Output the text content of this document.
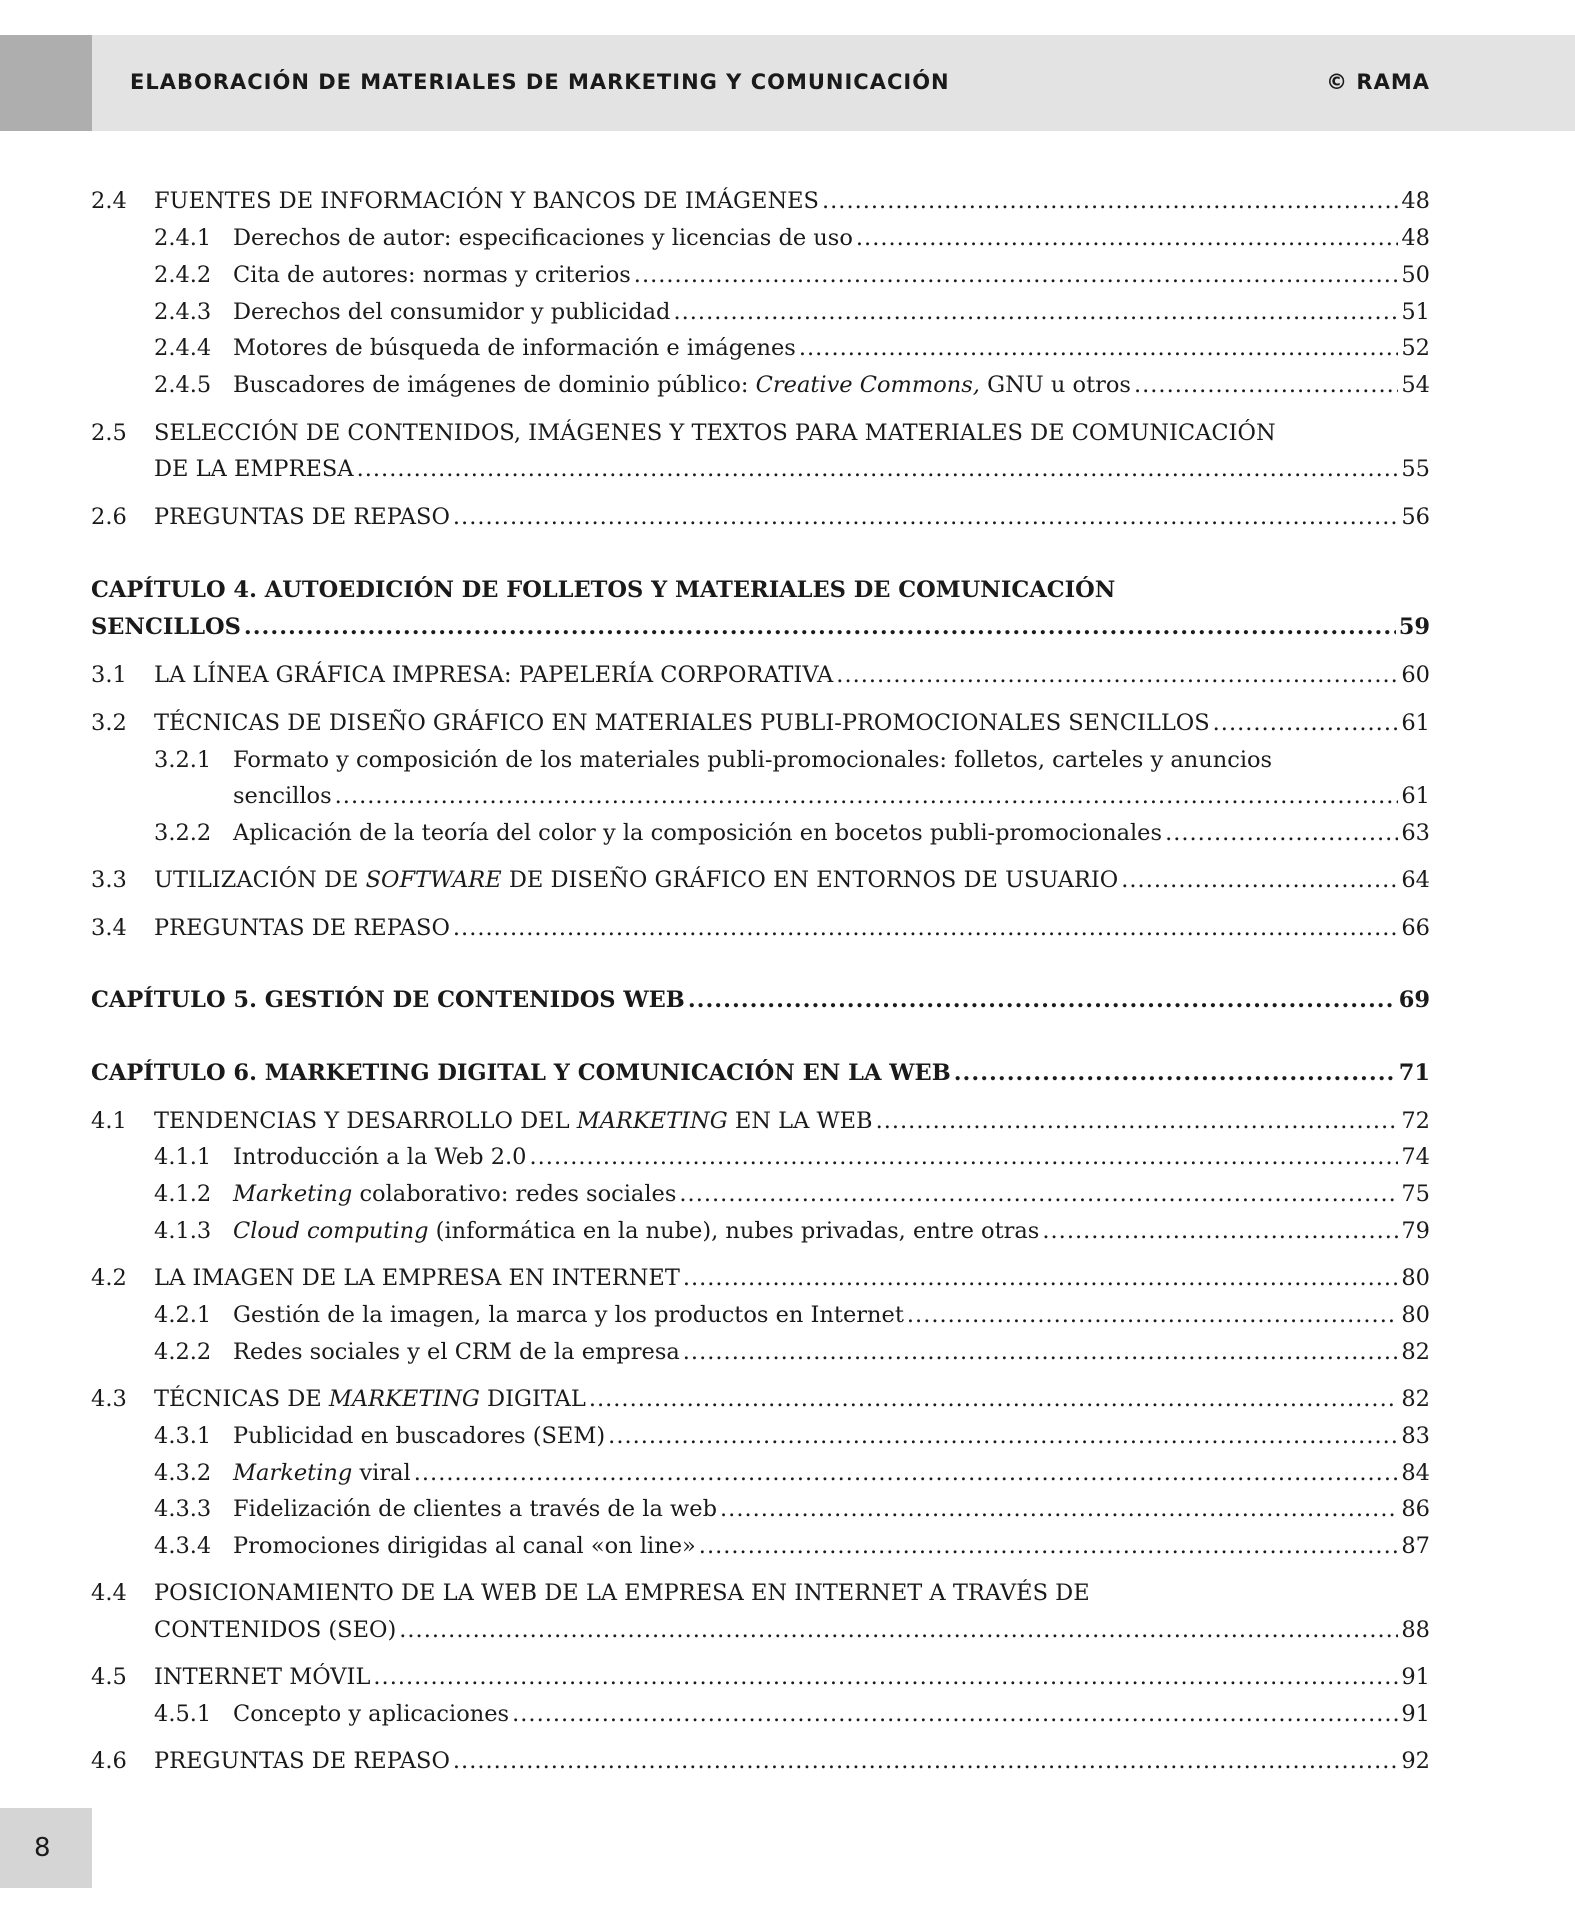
ELABORACIÓN DE MATERIALES DE MARKETING Y COMUNICACIÓN	© RAMA
2.4 FUENTES DE INFORMACIÓN Y BANCOS DE IMÁGENES .....	48
2.4.1 Derechos de autor: especificaciones y licencias de uso .....	48
2.4.2 Cita de autores: normas y criterios .....	50
2.4.3 Derechos del consumidor y publicidad .....	51
2.4.4 Motores de búsqueda de información e imágenes .....	52
2.4.5 Buscadores de imágenes de dominio público: Creative Commons, GNU u otros .....	54
2.5 SELECCIÓN DE CONTENIDOS, IMÁGENES Y TEXTOS PARA MATERIALES DE COMUNICACIÓN
DE LA EMPRESA .....	55
2.6 PREGUNTAS DE REPASO .....	56
CAPÍTULO 4. AUTOEDICIÓN DE FOLLETOS Y MATERIALES DE COMUNICACIÓN
SENCILLOS .....	59
3.1 LA LÍNEA GRÁFICA IMPRESA: PAPELERÍA CORPORATIVA .....	60
3.2 TÉCNICAS DE DISEÑO GRÁFICO EN MATERIALES PUBLI-PROMOCIONALES SENCILLOS .....	61
3.2.1 Formato y composición de los materiales publi-promocionales: folletos, carteles y anuncios
sencillos .....	61
3.2.2 Aplicación de la teoría del color y la composición en bocetos publi-promocionales .....	63
3.3 UTILIZACIÓN DE SOFTWARE DE DISEÑO GRÁFICO EN ENTORNOS DE USUARIO .....	64
3.4 PREGUNTAS DE REPASO .....	66
CAPÍTULO 5. GESTIÓN DE CONTENIDOS WEB .....	69
CAPÍTULO 6. MARKETING DIGITAL Y COMUNICACIÓN EN LA WEB .....	71
4.1 TENDENCIAS Y DESARROLLO DEL MARKETING EN LA WEB .....	72
4.1.1 Introducción a la Web 2.0 .....	74
4.1.2 Marketing colaborativo: redes sociales .....	75
4.1.3 Cloud computing (informática en la nube), nubes privadas, entre otras .....	79
4.2 LA IMAGEN DE LA EMPRESA EN INTERNET .....	80
4.2.1 Gestión de la imagen, la marca y los productos en Internet .....	80
4.2.2 Redes sociales y el CRM de la empresa .....	82
4.3 TÉCNICAS DE MARKETING DIGITAL .....	82
4.3.1 Publicidad en buscadores (SEM) .....	83
4.3.2 Marketing viral .....	84
4.3.3 Fidelización de clientes a través de la web .....	86
4.3.4 Promociones dirigidas al canal «on line» .....	87
4.4 POSICIONAMIENTO DE LA WEB DE LA EMPRESA EN INTERNET A TRAVÉS DE
CONTENIDOS (SEO) .....	88
4.5 INTERNET MÓVIL .....	91
4.5.1 Concepto y aplicaciones .....	91
4.6 PREGUNTAS DE REPASO .....	92
8
